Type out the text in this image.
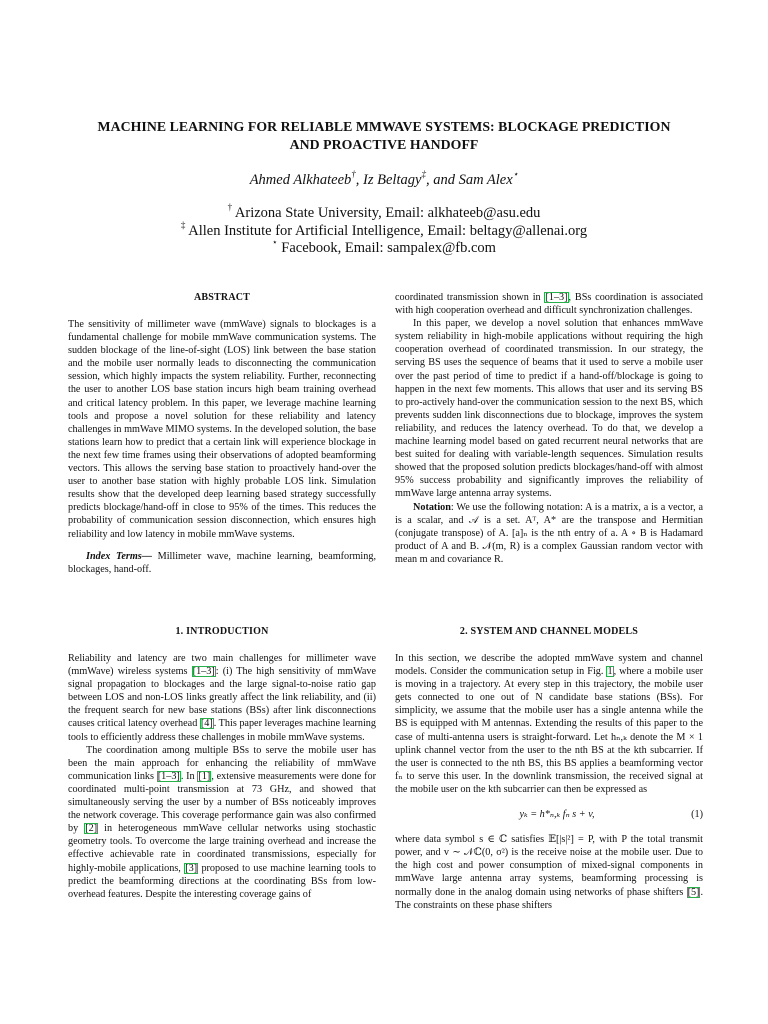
MACHINE LEARNING FOR RELIABLE MMWAVE SYSTEMS: BLOCKAGE PREDICTION
AND PROACTIVE HANDOFF
Ahmed Alkhateeb†, Iz Beltagy‡, and Sam Alex⋆
† Arizona State University, Email: alkhateeb@asu.edu
‡ Allen Institute for Artificial Intelligence, Email: beltagy@allenai.org
⋆ Facebook, Email: sampalex@fb.com
ABSTRACT

The sensitivity of millimeter wave (mmWave) signals to blockages is a fundamental challenge for mobile mmWave communication systems. The sudden blockage of the line-of-sight (LOS) link between the base station and the mobile user normally leads to disconnecting the communication session, which highly impacts the system reliability. Further, reconnecting the user to another LOS base station incurs high beam training overhead and critical latency problem. In this paper, we leverage machine learning tools and propose a novel solution for these reliability and latency challenges in mmWave MIMO systems. In the developed solution, the base stations learn how to predict that a certain link will experience blockage in the next few time frames using their observations of adopted beamforming vectors. This allows the serving base station to proactively hand-over the user to another base station with highly probable LOS link. Simulation results show that the developed deep learning based strategy successfully predicts blockage/hand-off in close to 95% of the times. This reduces the probability of communication session disconnection, which ensures high reliability and low latency in mobile mmWave systems.

Index Terms— Millimeter wave, machine learning, beamforming, blockages, hand-off.

coordinated transmission shown in [1–3], BSs coordination is associated with high cooperation overhead and difficult synchronization challenges.

In this paper, we develop a novel solution that enhances mmWave system reliability in high-mobile applications without requiring the high cooperation overhead of coordinated transmission. In our strategy, the serving BS uses the sequence of beams that it used to serve a mobile user over the past period of time to predict if a hand-off/blockage is going to happen in the next few moments. This allows that user and its serving BS to pro-actively hand-over the communication session to the next BS, which prevents sudden link disconnections due to blockage, improves the system reliability, and reduces the latency overhead. To do that, we develop a machine learning model based on gated recurrent neural networks that are best suited for dealing with variable-length sequences. Simulation results showed that the proposed solution predicts blockages/hand-off with almost 95% success probability and significantly improves the reliability of mmWave large antenna array systems.

Notation: We use the following notation: A is a matrix, a is a vector, a is a scalar, and 𝒜 is a set. Aᵀ, A* are the transpose and Hermitian (conjugate transpose) of A. [a]ₙ is the nth entry of a. A ∘ B is Hadamard product of A and B. 𝒩(m, R) is a complex Gaussian random vector with mean m and covariance R.

1. INTRODUCTION

Reliability and latency are two main challenges for millimeter wave (mmWave) wireless systems [1–3]: (i) The high sensitivity of mmWave signal propagation to blockages and the large signal-to-noise ratio gap between LOS and non-LOS links greatly affect the link reliability, and (ii) the frequent search for new base stations (BSs) after link disconnections causes critical latency overhead [4]. This paper leverages machine learning tools to efficiently address these challenges in mobile mmWave systems.

The coordination among multiple BSs to serve the mobile user has been the main approach for enhancing the reliability of mmWave communication links [1–3]. In [1], extensive measurements were done for coordinated multi-point transmission at 73 GHz, and showed that simultaneously serving the user by a number of BSs noticeably improves the network coverage. This coverage performance gain was also confirmed by [2] in heterogeneous mmWave cellular networks using stochastic geometry tools. To overcome the large training overhead and increase the effective achievable rate in coordinated transmissions, especially for highly-mobile applications, [3] proposed to use machine learning tools to predict the beamforming directions at the coordinating BSs from low-overhead features. Despite the interesting coverage gains of

2. SYSTEM AND CHANNEL MODELS

In this section, we describe the adopted mmWave system and channel models. Consider the communication setup in Fig. 1, where a mobile user is moving in a trajectory. At every step in this trajectory, the mobile user gets connected to one out of N candidate base stations (BSs). For simplicity, we assume that the mobile user has a single antenna while the BS is equipped with M antennas. Extending the results of this paper to the case of multi-antenna users is straight-forward. Let hₙ,ₖ denote the M × 1 uplink channel vector from the user to the nth BS at the kth subcarrier. If the user is connected to the nth BS, this BS applies a beamforming vector fₙ to serve this user. In the downlink transmission, the received signal at the mobile user on the kth subcarrier can then be expressed as

yₖ = h*ₙ,ₖ fₙ s + v,	(1)

where data symbol s ∈ ℂ satisfies 𝔼[|s|²] = P, with P the total transmit power, and v ∼ 𝒩ℂ(0, σ²) is the receive noise at the mobile user. Due to the high cost and power consumption of mixed-signal components in mmWave large antenna array systems, beamforming processing is normally done in the analog domain using networks of phase shifters [5]. The constraints on these phase shifters
